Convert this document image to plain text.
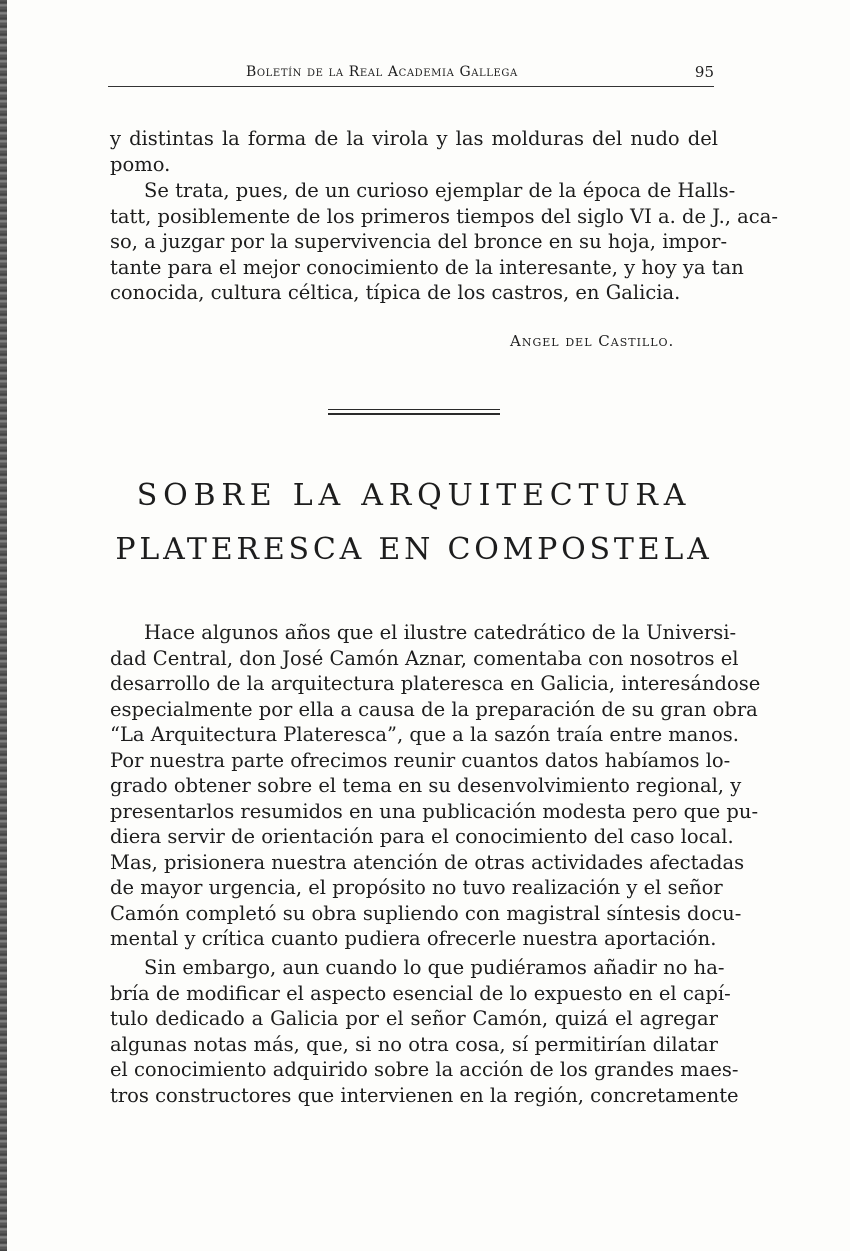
Boletín de la Real Academia Gallega	95
y distintas la forma de la virola y las molduras del nudo del
pomo.
Se trata, pues, de un curioso ejemplar de la época de Halls-
tatt, posiblemente de los primeros tiempos del siglo VI a. de J., aca-
so, a juzgar por la supervivencia del bronce en su hoja, impor-
tante para el mejor conocimiento de la interesante, y hoy ya tan
conocida, cultura céltica, típica de los castros, en Galicia.
Angel del Castillo.
SOBRE LA ARQUITECTURA
PLATERESCA EN COMPOSTELA
Hace algunos años que el ilustre catedrático de la Universi-
dad Central, don José Camón Aznar, comentaba con nosotros el
desarrollo de la arquitectura plateresca en Galicia, interesándose
especialmente por ella a causa de la preparación de su gran obra
“La Arquitectura Plateresca”, que a la sazón traía entre manos.
Por nuestra parte ofrecimos reunir cuantos datos habíamos lo-
grado obtener sobre el tema en su desenvolvimiento regional, y
presentarlos resumidos en una publicación modesta pero que pu-
diera servir de orientación para el conocimiento del caso local.
Mas, prisionera nuestra atención de otras actividades afectadas
de mayor urgencia, el propósito no tuvo realización y el señor
Camón completó su obra supliendo con magistral síntesis docu-
mental y crítica cuanto pudiera ofrecerle nuestra aportación.
Sin embargo, aun cuando lo que pudiéramos añadir no ha-
bría de modificar el aspecto esencial de lo expuesto en el capí-
tulo dedicado a Galicia por el señor Camón, quizá el agregar
algunas notas más, que, si no otra cosa, sí permitirían dilatar
el conocimiento adquirido sobre la acción de los grandes maes-
tros constructores que intervienen en la región, concretamente
